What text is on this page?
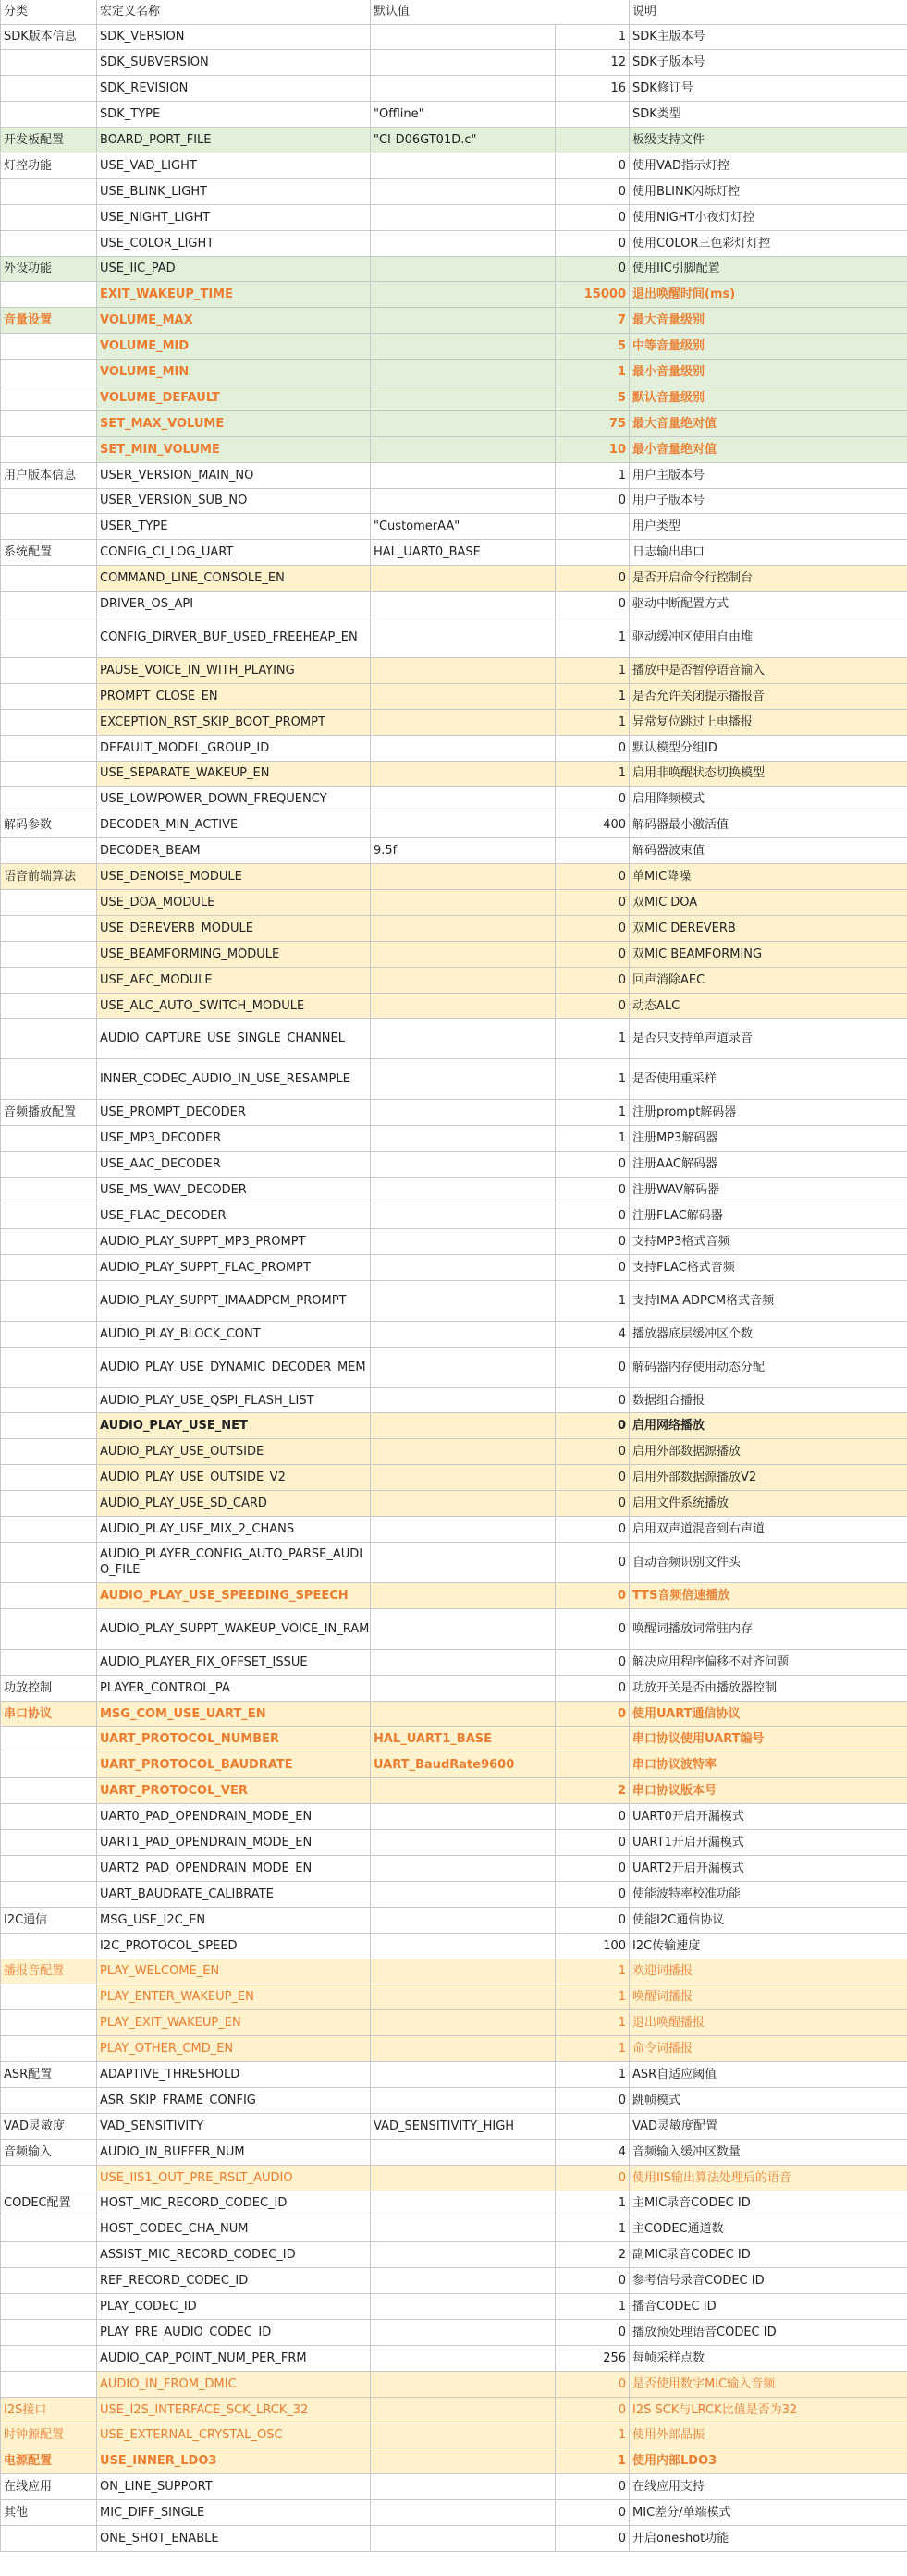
分类	宏定义名称	默认值		说明
SDK版本信息	SDK_VERSION		1	SDK主版本号
	SDK_SUBVERSION		12	SDK子版本号
	SDK_REVISION		16	SDK修订号
	SDK_TYPE	"Offline"		SDK类型
开发板配置	BOARD_PORT_FILE	"CI-D06GT01D.c"		板级支持文件
灯控功能	USE_VAD_LIGHT		0	使用VAD指示灯控
	USE_BLINK_LIGHT		0	使用BLINK闪烁灯控
	USE_NIGHT_LIGHT		0	使用NIGHT小夜灯灯控
	USE_COLOR_LIGHT		0	使用COLOR三色彩灯灯控
外设功能	USE_IIC_PAD		0	使用IIC引脚配置
	EXIT_WAKEUP_TIME		15000	退出唤醒时间(ms)
音量设置	VOLUME_MAX		7	最大音量级别
	VOLUME_MID		5	中等音量级别
	VOLUME_MIN		1	最小音量级别
	VOLUME_DEFAULT		5	默认音量级别
	SET_MAX_VOLUME		75	最大音量绝对值
	SET_MIN_VOLUME		10	最小音量绝对值
用户版本信息	USER_VERSION_MAIN_NO		1	用户主版本号
	USER_VERSION_SUB_NO		0	用户子版本号
	USER_TYPE	"CustomerAA"		用户类型
系统配置	CONFIG_CI_LOG_UART	HAL_UART0_BASE		日志输出串口
	COMMAND_LINE_CONSOLE_EN		0	是否开启命令行控制台
	DRIVER_OS_API		0	驱动中断配置方式
	CONFIG_DIRVER_BUF_USED_FREEHEAP_EN		1	驱动缓冲区使用自由堆
	PAUSE_VOICE_IN_WITH_PLAYING		1	播放中是否暂停语音输入
	PROMPT_CLOSE_EN		1	是否允许关闭提示播报音
	EXCEPTION_RST_SKIP_BOOT_PROMPT		1	异常复位跳过上电播报
	DEFAULT_MODEL_GROUP_ID		0	默认模型分组ID
	USE_SEPARATE_WAKEUP_EN		1	启用非唤醒状态切换模型
	USE_LOWPOWER_DOWN_FREQUENCY		0	启用降频模式
解码参数	DECODER_MIN_ACTIVE		400	解码器最小激活值
	DECODER_BEAM	9.5f		解码器波束值
语音前端算法	USE_DENOISE_MODULE		0	单MIC降噪
	USE_DOA_MODULE		0	双MIC DOA
	USE_DEREVERB_MODULE		0	双MIC DEREVERB
	USE_BEAMFORMING_MODULE		0	双MIC BEAMFORMING
	USE_AEC_MODULE		0	回声消除AEC
	USE_ALC_AUTO_SWITCH_MODULE		0	动态ALC
	AUDIO_CAPTURE_USE_SINGLE_CHANNEL		1	是否只支持单声道录音
	INNER_CODEC_AUDIO_IN_USE_RESAMPLE		1	是否使用重采样
音频播放配置	USE_PROMPT_DECODER		1	注册prompt解码器
	USE_MP3_DECODER		1	注册MP3解码器
	USE_AAC_DECODER		0	注册AAC解码器
	USE_MS_WAV_DECODER		0	注册WAV解码器
	USE_FLAC_DECODER		0	注册FLAC解码器
	AUDIO_PLAY_SUPPT_MP3_PROMPT		0	支持MP3格式音频
	AUDIO_PLAY_SUPPT_FLAC_PROMPT		0	支持FLAC格式音频
	AUDIO_PLAY_SUPPT_IMAADPCM_PROMPT		1	支持IMA ADPCM格式音频
	AUDIO_PLAY_BLOCK_CONT		4	播放器底层缓冲区个数
	AUDIO_PLAY_USE_DYNAMIC_DECODER_MEM		0	解码器内存使用动态分配
	AUDIO_PLAY_USE_QSPI_FLASH_LIST		0	数据组合播报
	AUDIO_PLAY_USE_NET		0	启用网络播放
	AUDIO_PLAY_USE_OUTSIDE		0	启用外部数据源播放
	AUDIO_PLAY_USE_OUTSIDE_V2		0	启用外部数据源播放V2
	AUDIO_PLAY_USE_SD_CARD		0	启用文件系统播放
	AUDIO_PLAY_USE_MIX_2_CHANS		0	启用双声道混音到右声道
	AUDIO_PLAYER_CONFIG_AUTO_PARSE_AUDIO_FILE		0	自动音频识别文件头
	AUDIO_PLAY_USE_SPEEDING_SPEECH		0	TTS音频倍速播放
	AUDIO_PLAY_SUPPT_WAKEUP_VOICE_IN_RAM		0	唤醒词播放词常驻内存
	AUDIO_PLAYER_FIX_OFFSET_ISSUE		0	解决应用程序偏移不对齐问题
功放控制	PLAYER_CONTROL_PA		0	功放开关是否由播放器控制
串口协议	MSG_COM_USE_UART_EN		0	使用UART通信协议
	UART_PROTOCOL_NUMBER	HAL_UART1_BASE		串口协议使用UART编号
	UART_PROTOCOL_BAUDRATE	UART_BaudRate9600		串口协议波特率
	UART_PROTOCOL_VER		2	串口协议版本号
	UART0_PAD_OPENDRAIN_MODE_EN		0	UART0开启开漏模式
	UART1_PAD_OPENDRAIN_MODE_EN		0	UART1开启开漏模式
	UART2_PAD_OPENDRAIN_MODE_EN		0	UART2开启开漏模式
	UART_BAUDRATE_CALIBRATE		0	使能波特率校准功能
I2C通信	MSG_USE_I2C_EN		0	使能I2C通信协议
	I2C_PROTOCOL_SPEED		100	I2C传输速度
播报音配置	PLAY_WELCOME_EN		1	欢迎词播报
	PLAY_ENTER_WAKEUP_EN		1	唤醒词播报
	PLAY_EXIT_WAKEUP_EN		1	退出唤醒播报
	PLAY_OTHER_CMD_EN		1	命令词播报
ASR配置	ADAPTIVE_THRESHOLD		1	ASR自适应阈值
	ASR_SKIP_FRAME_CONFIG		0	跳帧模式
VAD灵敏度	VAD_SENSITIVITY	VAD_SENSITIVITY_HIGH		VAD灵敏度配置
音频输入	AUDIO_IN_BUFFER_NUM		4	音频输入缓冲区数量
	USE_IIS1_OUT_PRE_RSLT_AUDIO		0	使用IIS输出算法处理后的语音
CODEC配置	HOST_MIC_RECORD_CODEC_ID		1	主MIC录音CODEC ID
	HOST_CODEC_CHA_NUM		1	主CODEC通道数
	ASSIST_MIC_RECORD_CODEC_ID		2	副MIC录音CODEC ID
	REF_RECORD_CODEC_ID		0	参考信号录音CODEC ID
	PLAY_CODEC_ID		1	播音CODEC ID
	PLAY_PRE_AUDIO_CODEC_ID		0	播放预处理语音CODEC ID
	AUDIO_CAP_POINT_NUM_PER_FRM		256	每帧采样点数
	AUDIO_IN_FROM_DMIC		0	是否使用数字MIC输入音频
I2S接口	USE_I2S_INTERFACE_SCK_LRCK_32		0	I2S SCK与LRCK比值是否为32
时钟源配置	USE_EXTERNAL_CRYSTAL_OSC		1	使用外部晶振
电源配置	USE_INNER_LDO3		1	使用内部LDO3
在线应用	ON_LINE_SUPPORT		0	在线应用支持
其他	MIC_DIFF_SINGLE		0	MIC差分/单端模式
	ONE_SHOT_ENABLE		0	开启oneshot功能
